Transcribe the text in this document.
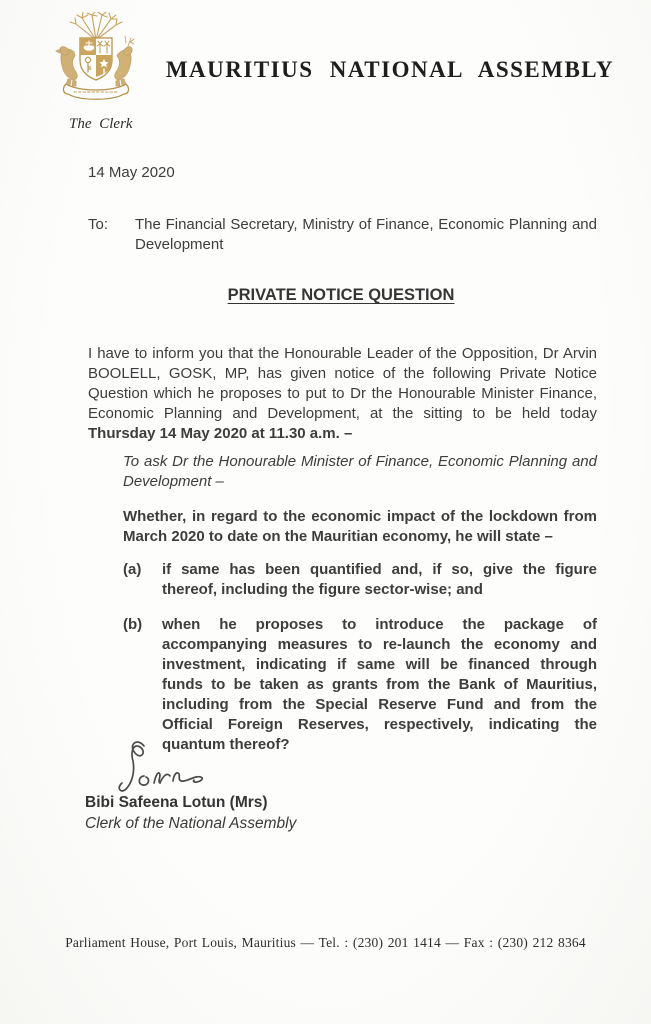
MAURITIUS NATIONAL ASSEMBLY
The Clerk
14 May 2020
To:	The Financial Secretary, Ministry of Finance, Economic Planning and Development
PRIVATE NOTICE QUESTION

I have to inform you that the Honourable Leader of the Opposition, Dr Arvin BOOLELL, GOSK, MP, has given notice of the following Private Notice Question which he proposes to put to Dr the Honourable Minister Finance, Economic Planning and Development, at the sitting to be held today Thursday 14 May 2020 at 11.30 a.m. –

To ask Dr the Honourable Minister of Finance, Economic Planning and Development –

Whether, in regard to the economic impact of the lockdown from March 2020 to date on the Mauritian economy, he will state –

(a)	if same has been quantified and, if so, give the figure thereof, including the figure sector-wise; and
(b)	when he proposes to introduce the package of accompanying measures to re-launch the economy and investment, indicating if same will be financed through funds to be taken as grants from the Bank of Mauritius, including from the Special Reserve Fund and from the Official Foreign Reserves, respectively, indicating the quantum thereof?
Bibi Safeena Lotun (Mrs)
Clerk of the National Assembly
Parliament House, Port Louis, Mauritius — Tel. : (230) 201 1414 — Fax : (230) 212 8364
